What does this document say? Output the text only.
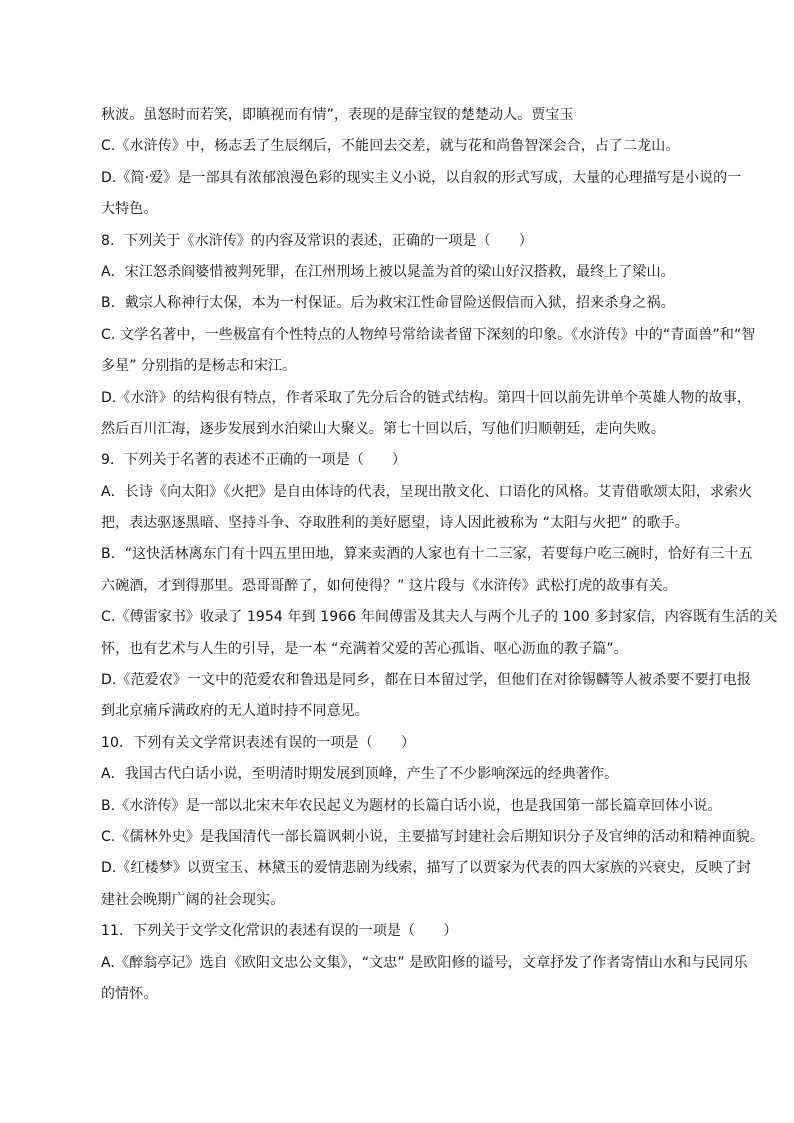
秋波。虽怒时而若笑，即瞋视而有情”，表现的是薛宝钗的楚楚动人。贾宝玉
C.《水浒传》中，杨志丢了生辰纲后，不能回去交差，就与花和尚鲁智深会合，占了二龙山。
D.《简·爱》是一部具有浓郁浪漫色彩的现实主义小说，以自叙的形式写成，大量的心理描写是小说的一
大特色。
8．下列关于《水浒传》的内容及常识的表述，正确的一项是（　　）
A．宋江怒杀阎婆惜被判死罪，在江州刑场上被以晁盖为首的梁山好汉搭救，最终上了梁山。
B．戴宗人称神行太保，本为一村保证。后为救宋江性命冒险送假信而入狱，招来杀身之祸。
C. 文学名著中，一些极富有个性特点的人物绰号常给读者留下深刻的印象。《水浒传》中的“青面兽”和“智
多星” 分别指的是杨志和宋江。
D.《水浒》的结构很有特点，作者采取了先分后合的链式结构。第四十回以前先讲单个英雄人物的故事，
然后百川汇海，逐步发展到水泊梁山大聚义。第七十回以后，写他们归顺朝廷，走向失败。
9．下列关于名著的表述不正确的一项是（　　）
A．长诗《向太阳》《火把》是自由体诗的代表，呈现出散文化、口语化的风格。艾青借歌颂太阳，求索火
把，表达驱逐黑暗、坚持斗争、夺取胜利的美好愿望，诗人因此被称为 “太阳与火把” 的歌手。
B．“这快活林离东门有十四五里田地，算来卖酒的人家也有十二三家，若要每户吃三碗时，恰好有三十五
六碗酒，才到得那里。恐哥哥醉了，如何使得？” 这片段与《水浒传》武松打虎的故事有关。
C.《傅雷家书》收录了 1954 年到 1966 年间傅雷及其夫人与两个儿子的 100 多封家信，内容既有生活的关
怀，也有艺术与人生的引导，是一本 “充满着父爱的苦心孤诣、呕心沥血的教子篇”。
D.《范爱农》一文中的范爱农和鲁迅是同乡，都在日本留过学，但他们在对徐锡麟等人被杀要不要打电报
到北京痛斥满政府的无人道时持不同意见。
10．下列有关文学常识表述有误的一项是（　　）
A．我国古代白话小说，至明清时期发展到顶峰，产生了不少影响深远的经典著作。
B.《水浒传》是一部以北宋末年农民起义为题材的长篇白话小说，也是我国第一部长篇章回体小说。
C.《儒林外史》是我国清代一部长篇讽刺小说，主要描写封建社会后期知识分子及官绅的活动和精神面貌。
D.《红楼梦》以贾宝玉、林黛玉的爱情悲剧为线索，描写了以贾家为代表的四大家族的兴衰史，反映了封
建社会晚期广阔的社会现实。
11．下列关于文学文化常识的表述有误的一项是（　　）
A.《醉翁亭记》选自《欧阳文忠公文集》，“文忠” 是欧阳修的谥号，文章抒发了作者寄情山水和与民同乐
的情怀。
